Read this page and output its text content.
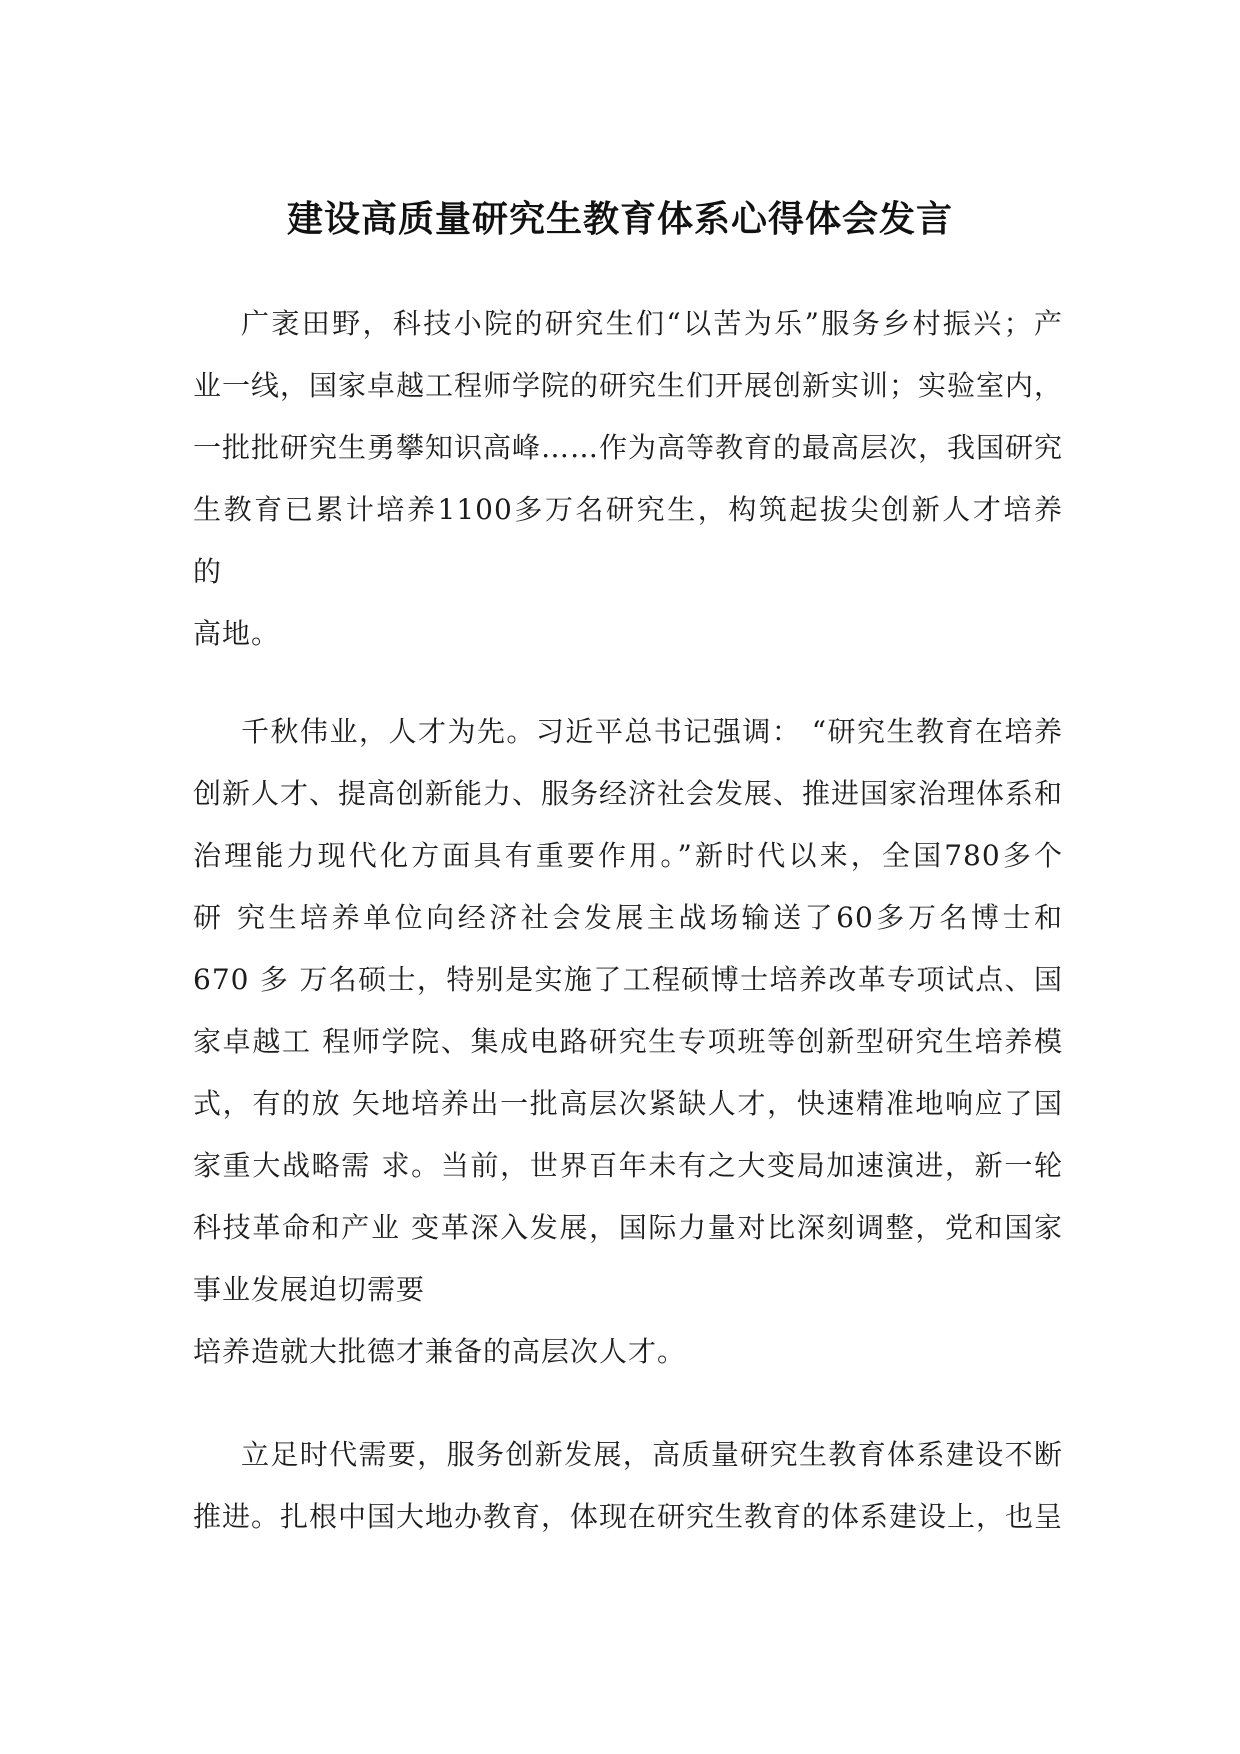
建设高质量研究生教育体系心得体会发言
广袤田野，科技小院的研究生们“以苦为乐”服务乡村振兴；产
业一线，国家卓越工程师学院的研究生们开展创新实训；实验室内，
一批批研究生勇攀知识高峰……作为高等教育的最高层次，我国研究
生教育已累计培养1100多万名研究生，构筑起拔尖创新人才培养
的
高地。
千秋伟业，人才为先。习近平总书记强调： “研究生教育在培养
创新人才、提高创新能力、服务经济社会发展、推进国家治理体系和
治理能力现代化方面具有重要作用。”新时代以来，全国780多个
研 究生培养单位向经济社会发展主战场输送了60多万名博士和
670 多 万名硕士，特别是实施了工程硕博士培养改革专项试点、国
家卓越工 程师学院、集成电路研究生专项班等创新型研究生培养模
式，有的放 矢地培养出一批高层次紧缺人才，快速精准地响应了国
家重大战略需 求。当前，世界百年未有之大变局加速演进，新一轮
科技革命和产业 变革深入发展，国际力量对比深刻调整，党和国家
事业发展迫切需要
培养造就大批德才兼备的高层次人才。
立足时代需要，服务创新发展，高质量研究生教育体系建设不断
推进。扎根中国大地办教育，体现在研究生教育的体系建设上，也呈
